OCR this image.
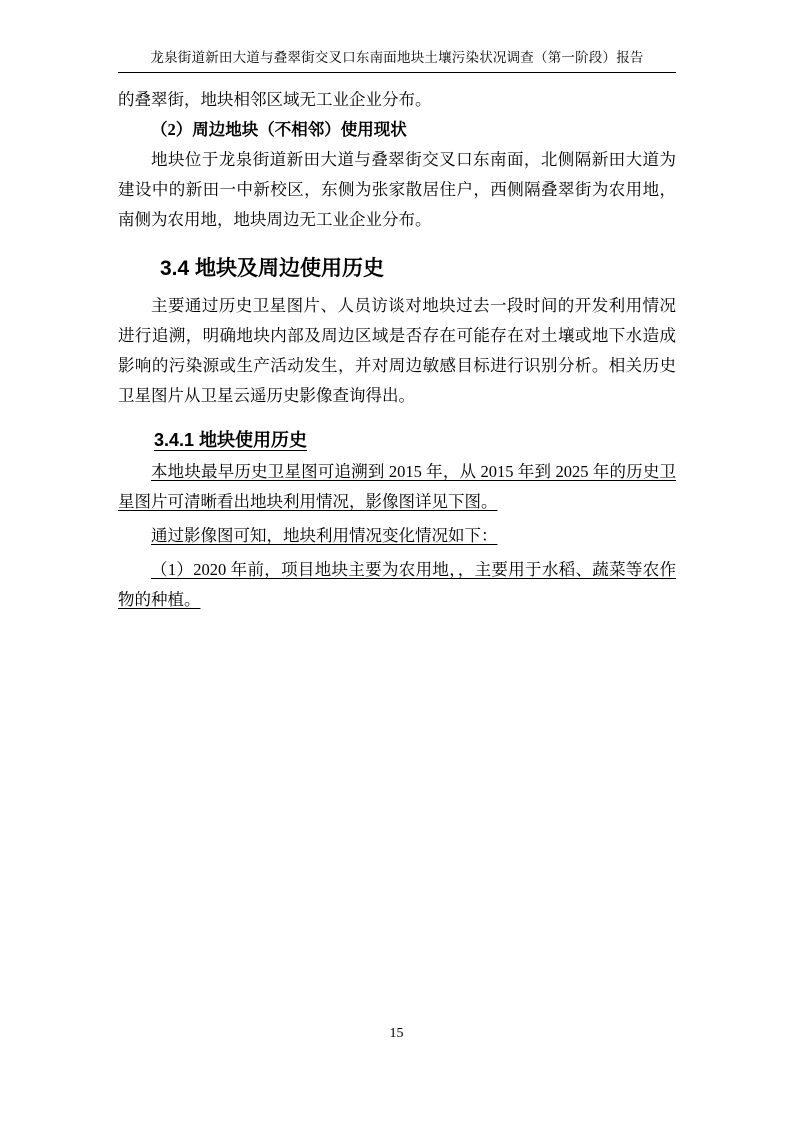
龙泉街道新田大道与叠翠街交叉口东南面地块土壤污染状况调查（第一阶段）报告

的叠翠街，地块相邻区域无工业企业分布。

（2）周边地块（不相邻）使用现状

地块位于龙泉街道新田大道与叠翠街交叉口东南面，北侧隔新田大道为建设中的新田一中新校区，东侧为张家散居住户，西侧隔叠翠街为农用地，南侧为农用地，地块周边无工业企业分布。

3.4 地块及周边使用历史

主要通过历史卫星图片、人员访谈对地块过去一段时间的开发利用情况进行追溯，明确地块内部及周边区域是否存在可能存在对土壤或地下水造成影响的污染源或生产活动发生，并对周边敏感目标进行识别分析。相关历史卫星图片从卫星云遥历史影像查询得出。

3.4.1 地块使用历史

本地块最早历史卫星图可追溯到 2015 年，从 2015 年到 2025 年的历史卫星图片可清晰看出地块利用情况，影像图详见下图。

通过影像图可知，地块利用情况变化情况如下：

（1）2020 年前，项目地块主要为农用地，，主要用于水稻、蔬菜等农作物的种植。

15
